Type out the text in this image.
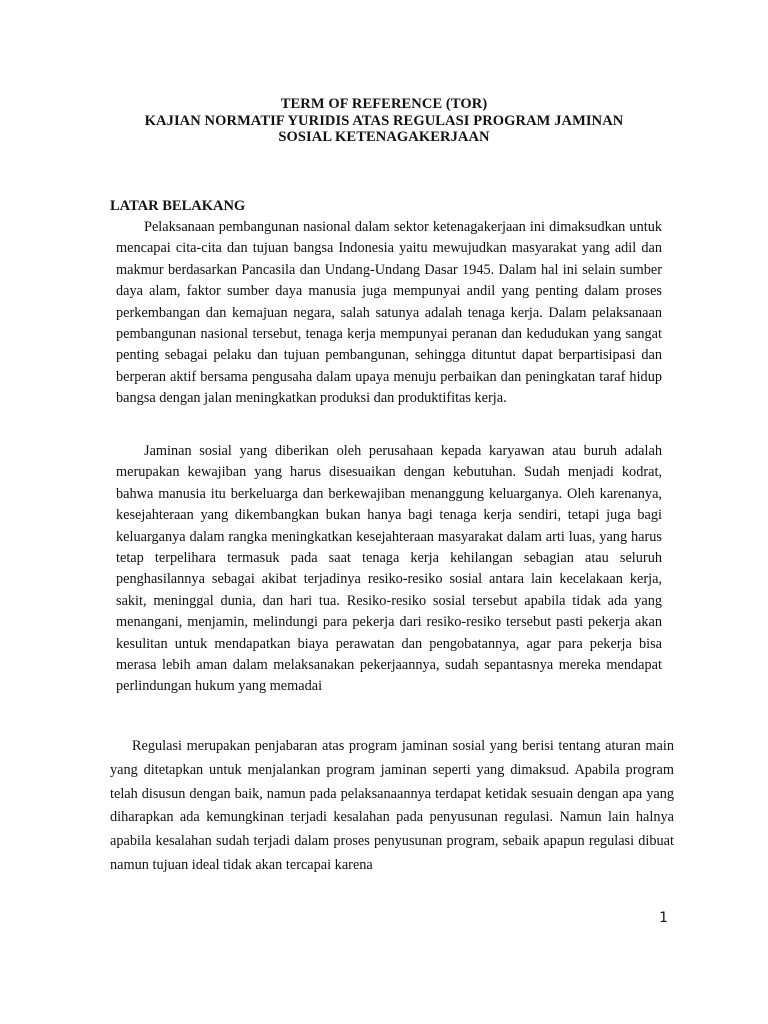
TERM OF REFERENCE (TOR)
KAJIAN NORMATIF YURIDIS ATAS REGULASI PROGRAM JAMINAN
SOSIAL KETENAGAKERJAAN
LATAR BELAKANG

Pelaksanaan pembangunan nasional dalam sektor ketenagakerjaan ini dimaksudkan untuk mencapai cita-cita dan tujuan bangsa Indonesia yaitu mewujudkan masyarakat yang adil dan makmur berdasarkan Pancasila dan Undang-Undang Dasar 1945. Dalam hal ini selain sumber daya alam, faktor sumber daya manusia juga mempunyai andil yang penting dalam proses perkembangan dan kemajuan negara, salah satunya adalah tenaga kerja. Dalam pelaksanaan pembangunan nasional tersebut, tenaga kerja mempunyai peranan dan kedudukan yang sangat penting sebagai pelaku dan tujuan pembangunan, sehingga dituntut dapat berpartisipasi dan berperan aktif bersama pengusaha dalam upaya menuju perbaikan dan peningkatan taraf hidup bangsa dengan jalan meningkatkan produksi dan produktifitas kerja.

Jaminan sosial yang diberikan oleh perusahaan kepada karyawan atau buruh adalah merupakan kewajiban yang harus disesuaikan dengan kebutuhan. Sudah menjadi kodrat, bahwa manusia itu berkeluarga dan berkewajiban menanggung keluarganya. Oleh karenanya, kesejahteraan yang dikembangkan bukan hanya bagi tenaga kerja sendiri, tetapi juga bagi keluarganya dalam rangka meningkatkan kesejahteraan masyarakat dalam arti luas, yang harus tetap terpelihara termasuk pada saat tenaga kerja kehilangan sebagian atau seluruh penghasilannya sebagai akibat terjadinya resiko-resiko sosial antara lain kecelakaan kerja, sakit, meninggal dunia, dan hari tua. Resiko-resiko sosial tersebut apabila tidak ada yang menangani, menjamin, melindungi para pekerja dari resiko-resiko tersebut pasti pekerja akan kesulitan untuk mendapatkan biaya perawatan dan pengobatannya, agar para pekerja bisa merasa lebih aman dalam melaksanakan pekerjaannya, sudah sepantasnya mereka mendapat perlindungan hukum yang memadai

Regulasi merupakan penjabaran atas program jaminan sosial yang berisi tentang aturan main yang ditetapkan untuk menjalankan program jaminan seperti yang dimaksud. Apabila program telah disusun dengan baik, namun pada pelaksanaannya terdapat ketidak sesuain dengan apa yang diharapkan ada kemungkinan terjadi kesalahan pada penyusunan regulasi. Namun lain halnya apabila kesalahan sudah terjadi dalam proses penyusunan program, sebaik apapun regulasi dibuat namun tujuan ideal tidak akan tercapai karena

1
